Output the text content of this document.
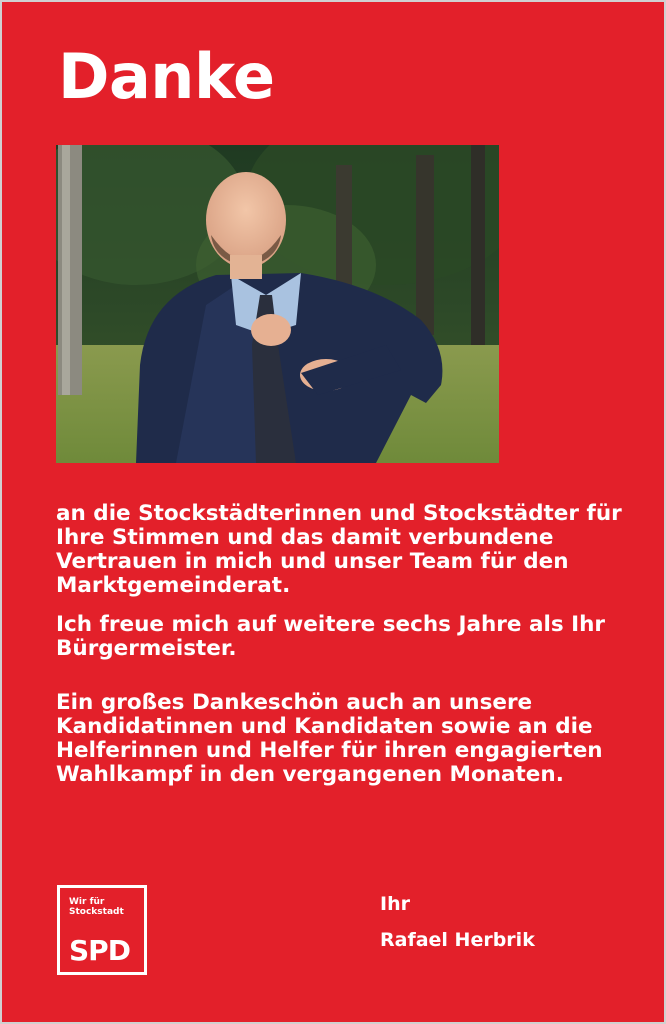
Danke

an die Stockstädterinnen und Stockstädter für Ihre Stimmen und das damit verbundene Vertrauen in mich und unser Team für den Marktgemeinderat.

Ich freue mich auf weitere sechs Jahre als Ihr Bürgermeister.

Ein großes Dankeschön auch an unsere Kandidatinnen und Kandidaten sowie an die Helferinnen und Helfer für ihren engagierten Wahlkampf in den vergangenen Monaten.

Wir für
Stockstadt
SPD
Ihr
Rafael Herbrik
